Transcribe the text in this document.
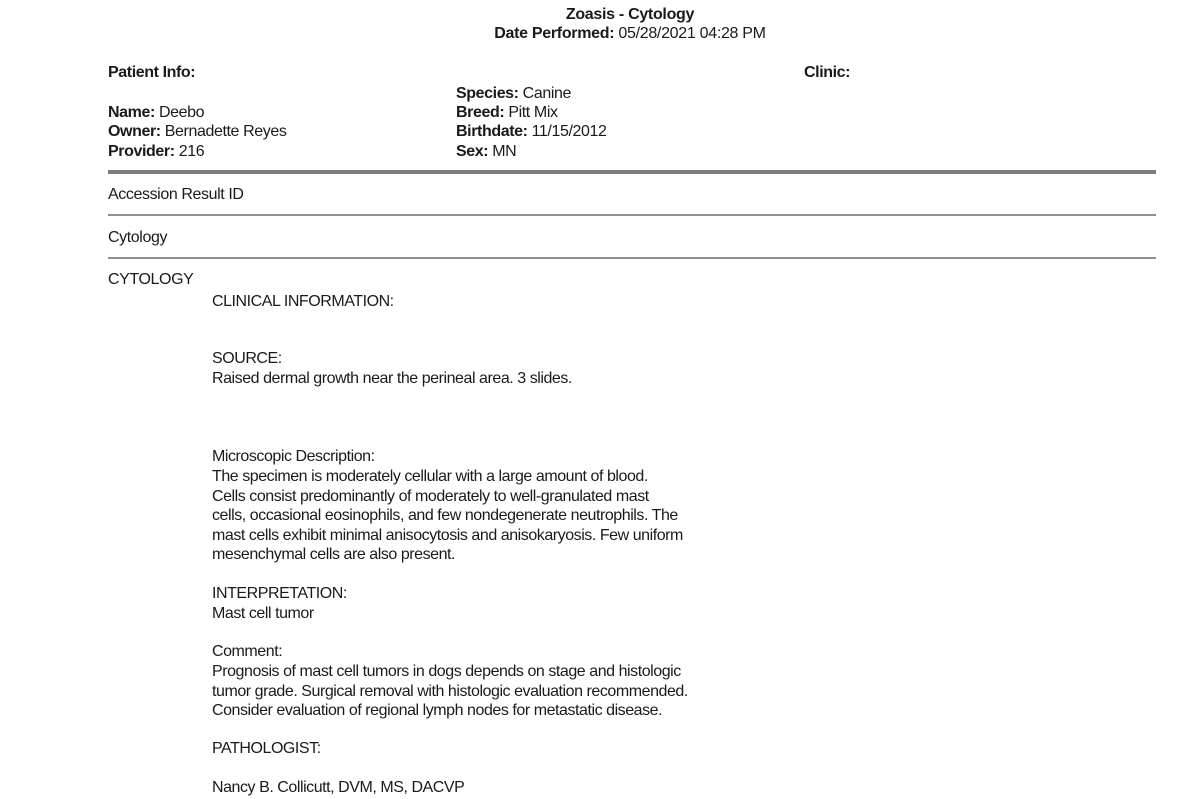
Zoasis - Cytology
Date Performed: 05/28/2021 04:28 PM
Patient Info:	Clinic:
Name: Deebo
Owner: Bernadette Reyes
Provider: 216
Species: Canine
Breed: Pitt Mix
Birthdate: 11/15/2012
Sex: MN
Accession Result ID
Cytology
CYTOLOGY
CLINICAL INFORMATION:
SOURCE:
Raised dermal growth near the perineal area. 3 slides.
Microscopic Description:
The specimen is moderately cellular with a large amount of blood.
Cells consist predominantly of moderately to well-granulated mast
cells, occasional eosinophils, and few nondegenerate neutrophils. The
mast cells exhibit minimal anisocytosis and anisokaryosis. Few uniform
mesenchymal cells are also present.
INTERPRETATION:
Mast cell tumor
Comment:
Prognosis of mast cell tumors in dogs depends on stage and histologic
tumor grade. Surgical removal with histologic evaluation recommended.
Consider evaluation of regional lymph nodes for metastatic disease.
PATHOLOGIST:
Nancy B. Collicutt, DVM, MS, DACVP
